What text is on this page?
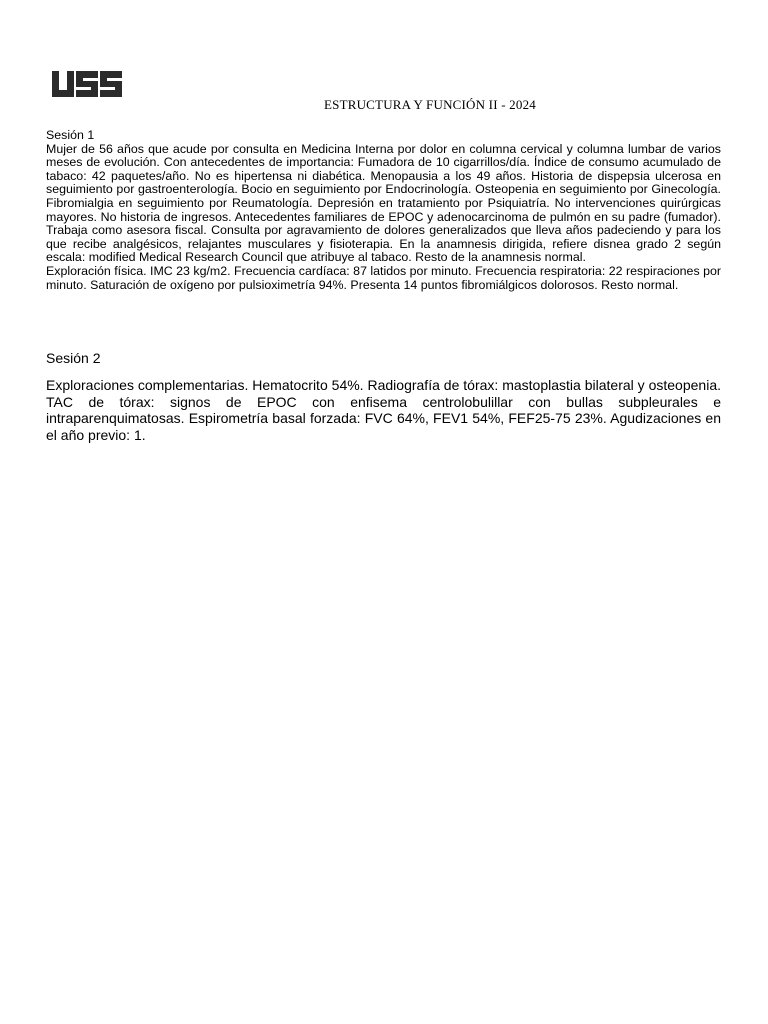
ESTRUCTURA Y FUNCIÓN II - 2024
Sesión 1

Mujer de 56 años que acude por consulta en Medicina Interna por dolor en columna cervical y columna lumbar de varios meses de evolución. Con antecedentes de importancia: Fumadora de 10 cigarrillos/día. Índice de consumo acumulado de tabaco: 42 paquetes/año. No es hipertensa ni diabética. Menopausia a los 49 años. Historia de dispepsia ulcerosa en seguimiento por gastroenterología. Bocio en seguimiento por Endocrinología. Osteopenia en seguimiento por Ginecología. Fibromialgia en seguimiento por Reumatología. Depresión en tratamiento por Psiquiatría. No intervenciones quirúrgicas mayores. No historia de ingresos. Antecedentes familiares de EPOC y adenocarcinoma de pulmón en su padre (fumador). Trabaja como asesora fiscal. Consulta por agravamiento de dolores generalizados que lleva años padeciendo y para los que recibe analgésicos, relajantes musculares y fisioterapia. En la anamnesis dirigida, refiere disnea grado 2 según escala: modified Medical Research Council que atribuye al tabaco. Resto de la anamnesis normal.

Exploración física. IMC 23 kg/m2. Frecuencia cardíaca: 87 latidos por minuto. Frecuencia respiratoria: 22 respiraciones por minuto. Saturación de oxígeno por pulsioximetría 94%. Presenta 14 puntos fibromiálgicos dolorosos. Resto normal.

Sesión 2

Exploraciones complementarias. Hematocrito 54%. Radiografía de tórax: mastoplastia bilateral y osteopenia. TAC de tórax: signos de EPOC con enfisema centrolobulillar con bullas subpleurales e intraparenquimatosas. Espirometría basal forzada: FVC 64%, FEV1 54%, FEF25-75 23%. Agudizaciones en el año previo: 1.
